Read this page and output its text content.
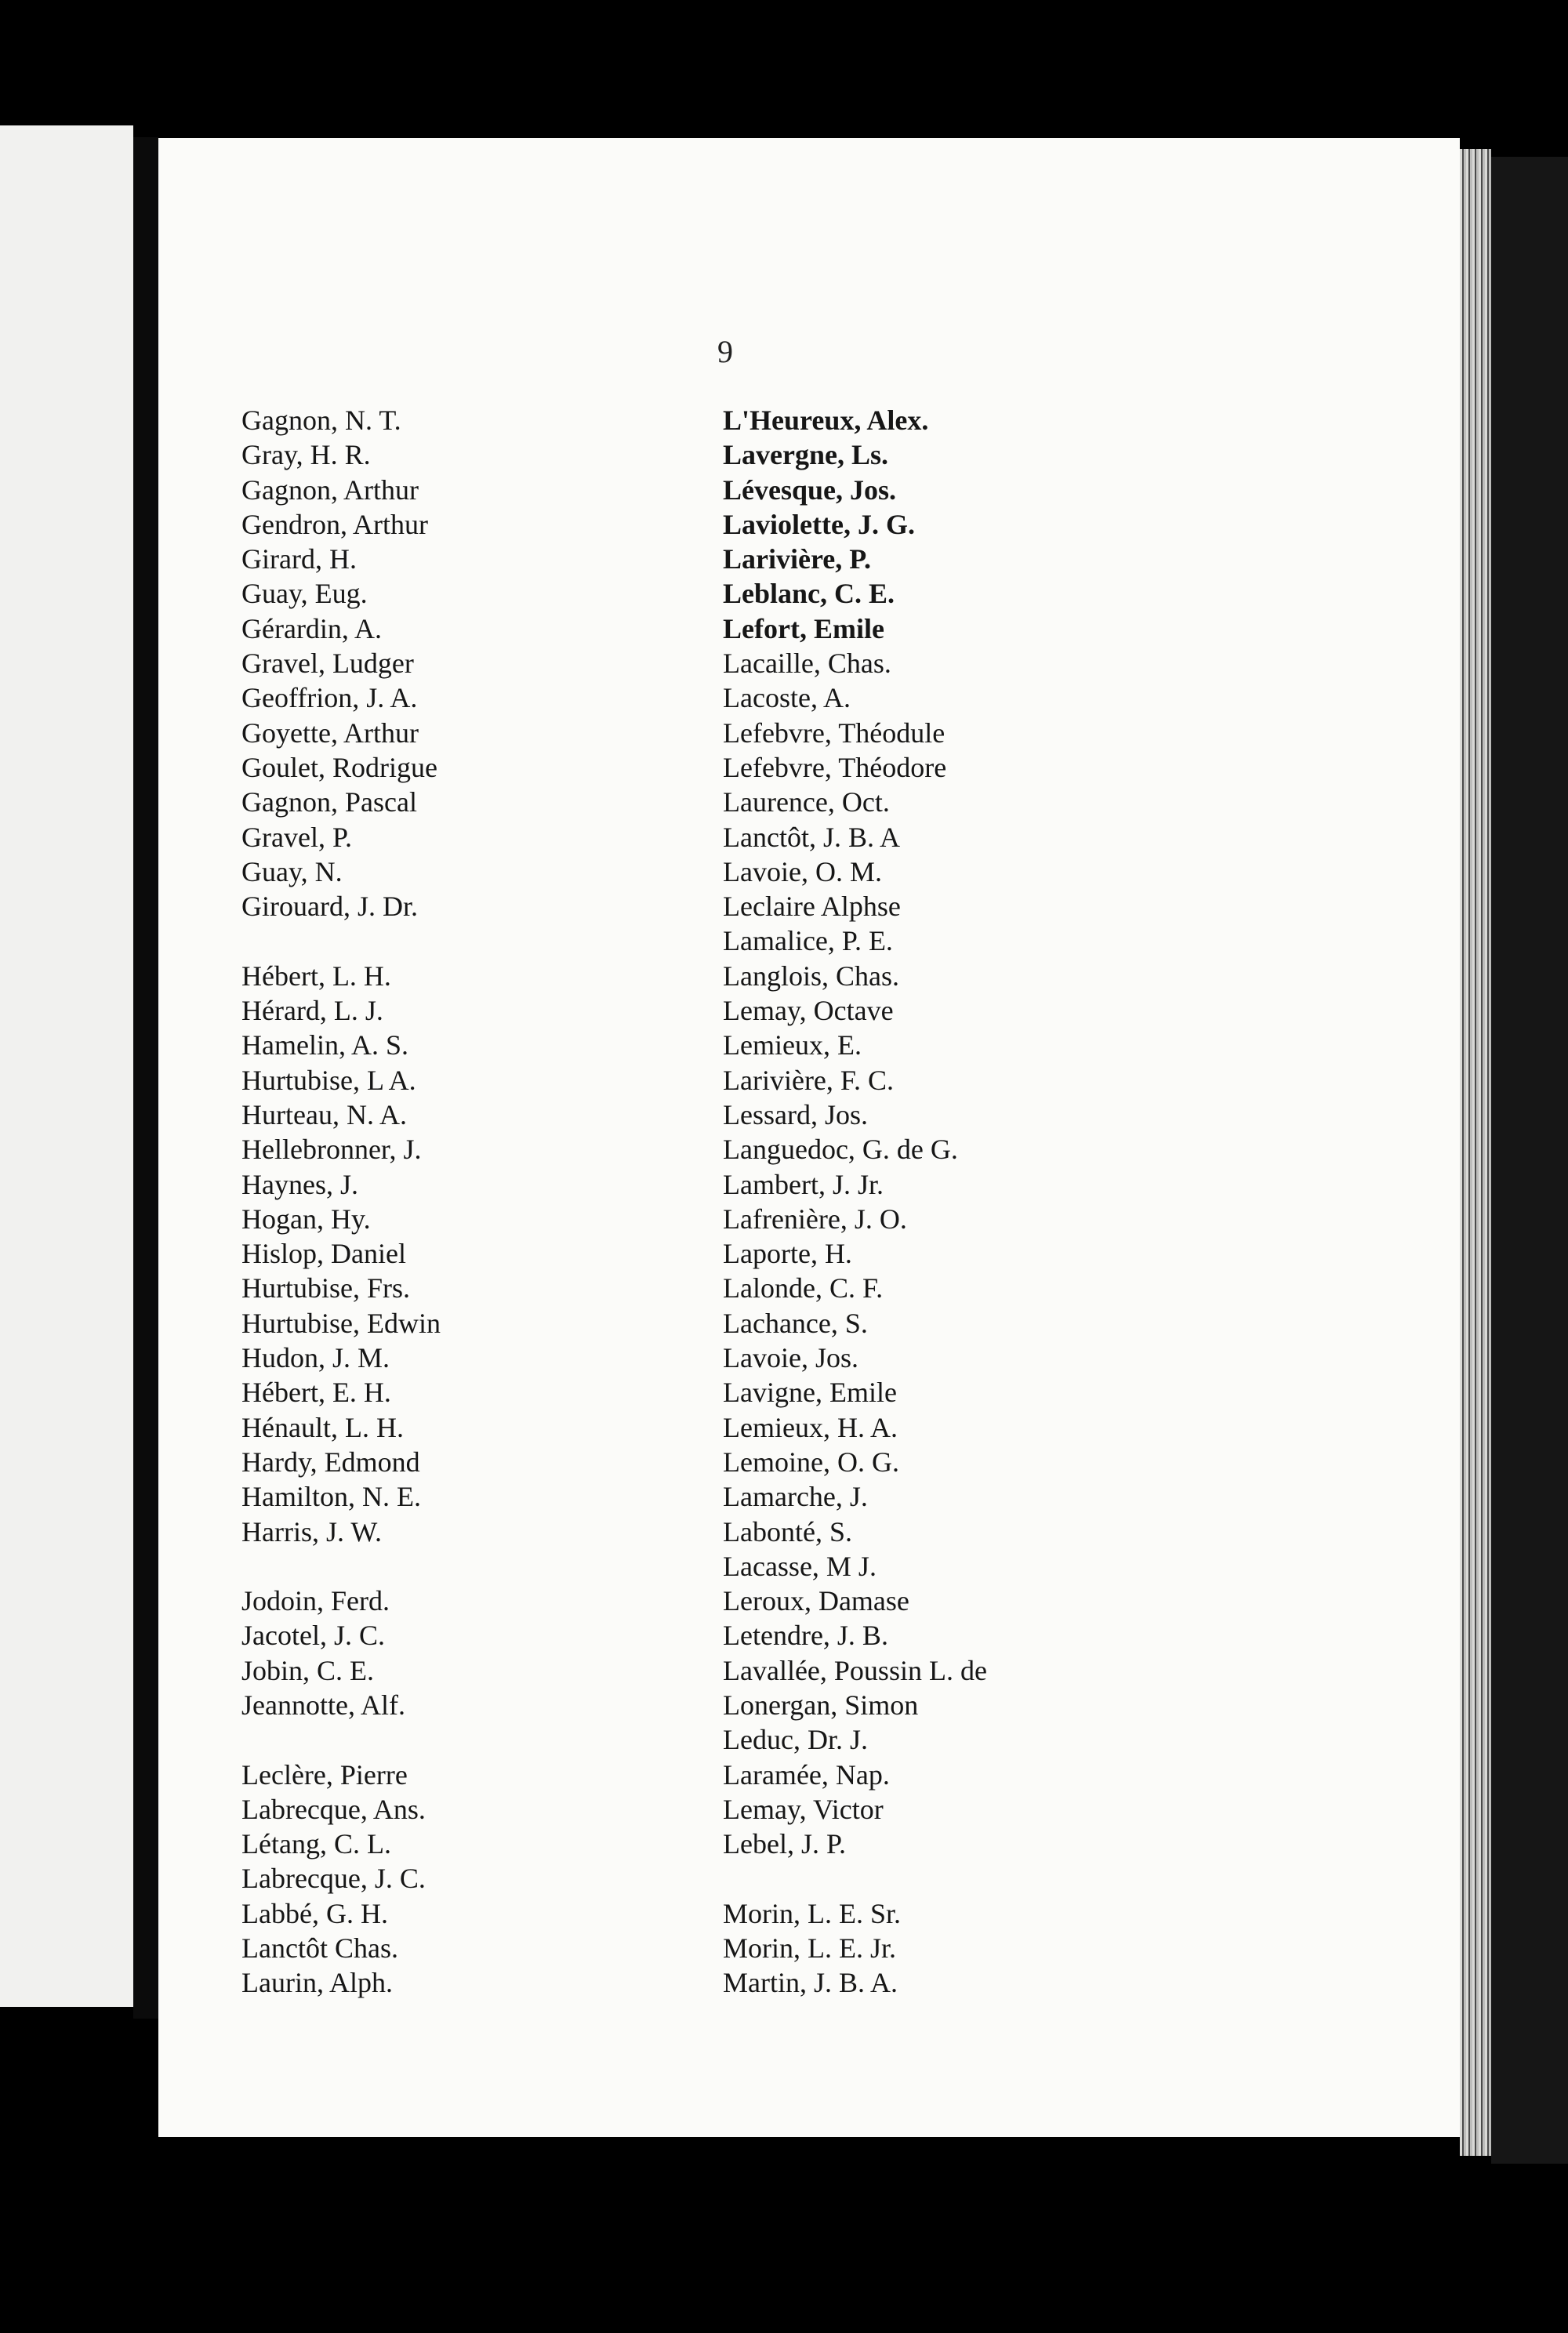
9
Gagnon, N. T.
Gray, H. R.
Gagnon, Arthur
Gendron, Arthur
Girard, H.
Guay, Eug.
Gérardin, A.
Gravel, Ludger
Geoffrion, J. A.
Goyette, Arthur
Goulet, Rodrigue
Gagnon, Pascal
Gravel, P.
Guay, N.
Girouard, J. Dr.
Hébert, L. H.
Hérard, L. J.
Hamelin, A. S.
Hurtubise, L A.
Hurteau, N. A.
Hellebronner, J.
Haynes, J.
Hogan, Hy.
Hislop, Daniel
Hurtubise, Frs.
Hurtubise, Edwin
Hudon, J. M.
Hébert, E. H.
Hénault, L. H.
Hardy, Edmond
Hamilton, N. E.
Harris, J. W.
Jodoin, Ferd.
Jacotel, J. C.
Jobin, C. E.
Jeannotte, Alf.
Leclère, Pierre
Labrecque, Ans.
Létang, C. L.
Labrecque, J. C.
Labbé, G. H.
Lanctôt Chas.
Laurin, Alph.
L'Heureux, Alex.
Lavergne, Ls.
Lévesque, Jos.
Laviolette, J. G.
Larivière, P.
Leblanc, C. E.
Lefort, Emile
Lacaille, Chas.
Lacoste, A.
Lefebvre, Théodule
Lefebvre, Théodore
Laurence, Oct.
Lanctôt, J. B. A
Lavoie, O. M.
Leclaire Alphse
Lamalice, P. E.
Langlois, Chas.
Lemay, Octave
Lemieux, E.
Larivière, F. C.
Lessard, Jos.
Languedoc, G. de G.
Lambert, J. Jr.
Lafrenière, J. O.
Laporte, H.
Lalonde, C. F.
Lachance, S.
Lavoie, Jos.
Lavigne, Emile
Lemieux, H. A.
Lemoine, O. G.
Lamarche, J.
Labonté, S.
Lacasse, M J.
Leroux, Damase
Letendre, J. B.
Lavallée, Poussin L. de
Lonergan, Simon
Leduc, Dr. J.
Laramée, Nap.
Lemay, Victor
Lebel, J. P.
Morin, L. E. Sr.
Morin, L. E. Jr.
Martin, J. B. A.
